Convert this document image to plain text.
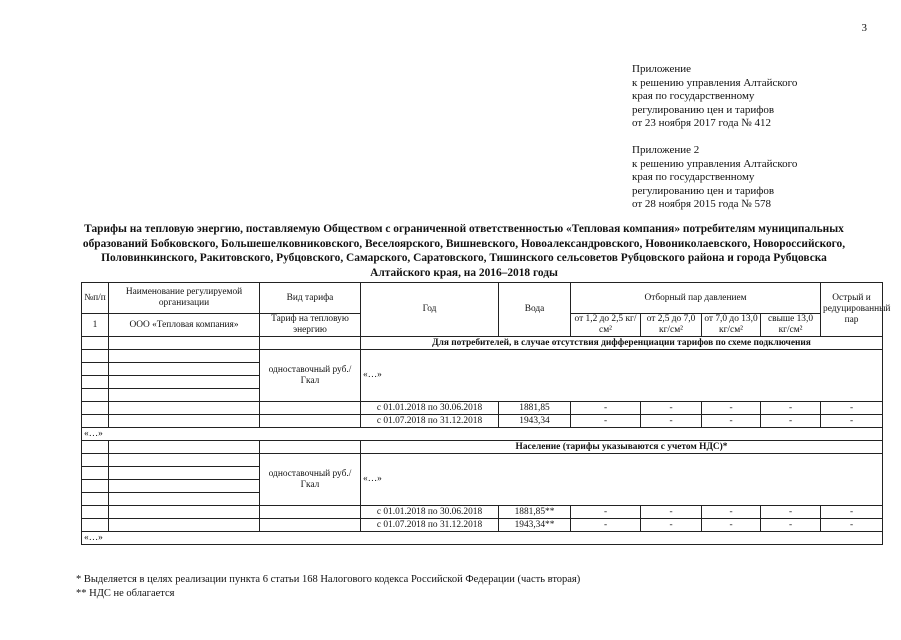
3
Приложение
к решению управления Алтайского
края по государственному
регулированию цен и тарифов
от 23 ноября 2017 года № 412
Приложение 2
к решению управления Алтайского
края по государственному
регулированию цен и тарифов
от 28 ноября 2015 года № 578
Тарифы на тепловую энергию, поставляемую Обществом с ограниченной ответственностью «Тепловая компания» потребителям муниципальных образований Бобковского, Большешелковниковского, Веселоярского, Вишневского, Новоалександровского, Новониколаевского, Новороссийского, Половинкинского, Ракитовского, Рубцовского, Самарского, Саратовского, Тишинского сельсоветов Рубцовского района и города Рубцовска Алтайского края, на 2016–2018 годы
№п/п	Наименование регулируемой организации	Вид тарифа	Год	Вода	Отборный пар давлением				Острый и редуцированный пар
1	ООО «Тепловая компания»	Тариф на тепловую энергию			от 1,2 до 2,5 кг/см²	от 2,5 до 7,0 кг/см²	от 7,0 до 13,0 кг/см²	свыше 13,0 кг/см²	
			Для потребителей, в случае отсутствия дифференциации тарифов по схеме подключения						
		одноставочный руб./Гкал	«…»						

			с 01.01.2018 по 30.06.2018	1881,85	-	-	-	-	-
			с 01.07.2018 по 31.12.2018	1943,34	-	-	-	-	-
«…»									
			Население (тарифы указываются с учетом НДС)*						
		одноставочный руб./Гкал	«…»						

			с 01.01.2018 по 30.06.2018	1881,85**	-	-	-	-	-
			с 01.07.2018 по 31.12.2018	1943,34**	-	-	-	-	-
«…»									
* Выделяется в целях реализации пункта 6 статьи 168 Налогового кодекса Российской Федерации (часть вторая)
** НДС не облагается
